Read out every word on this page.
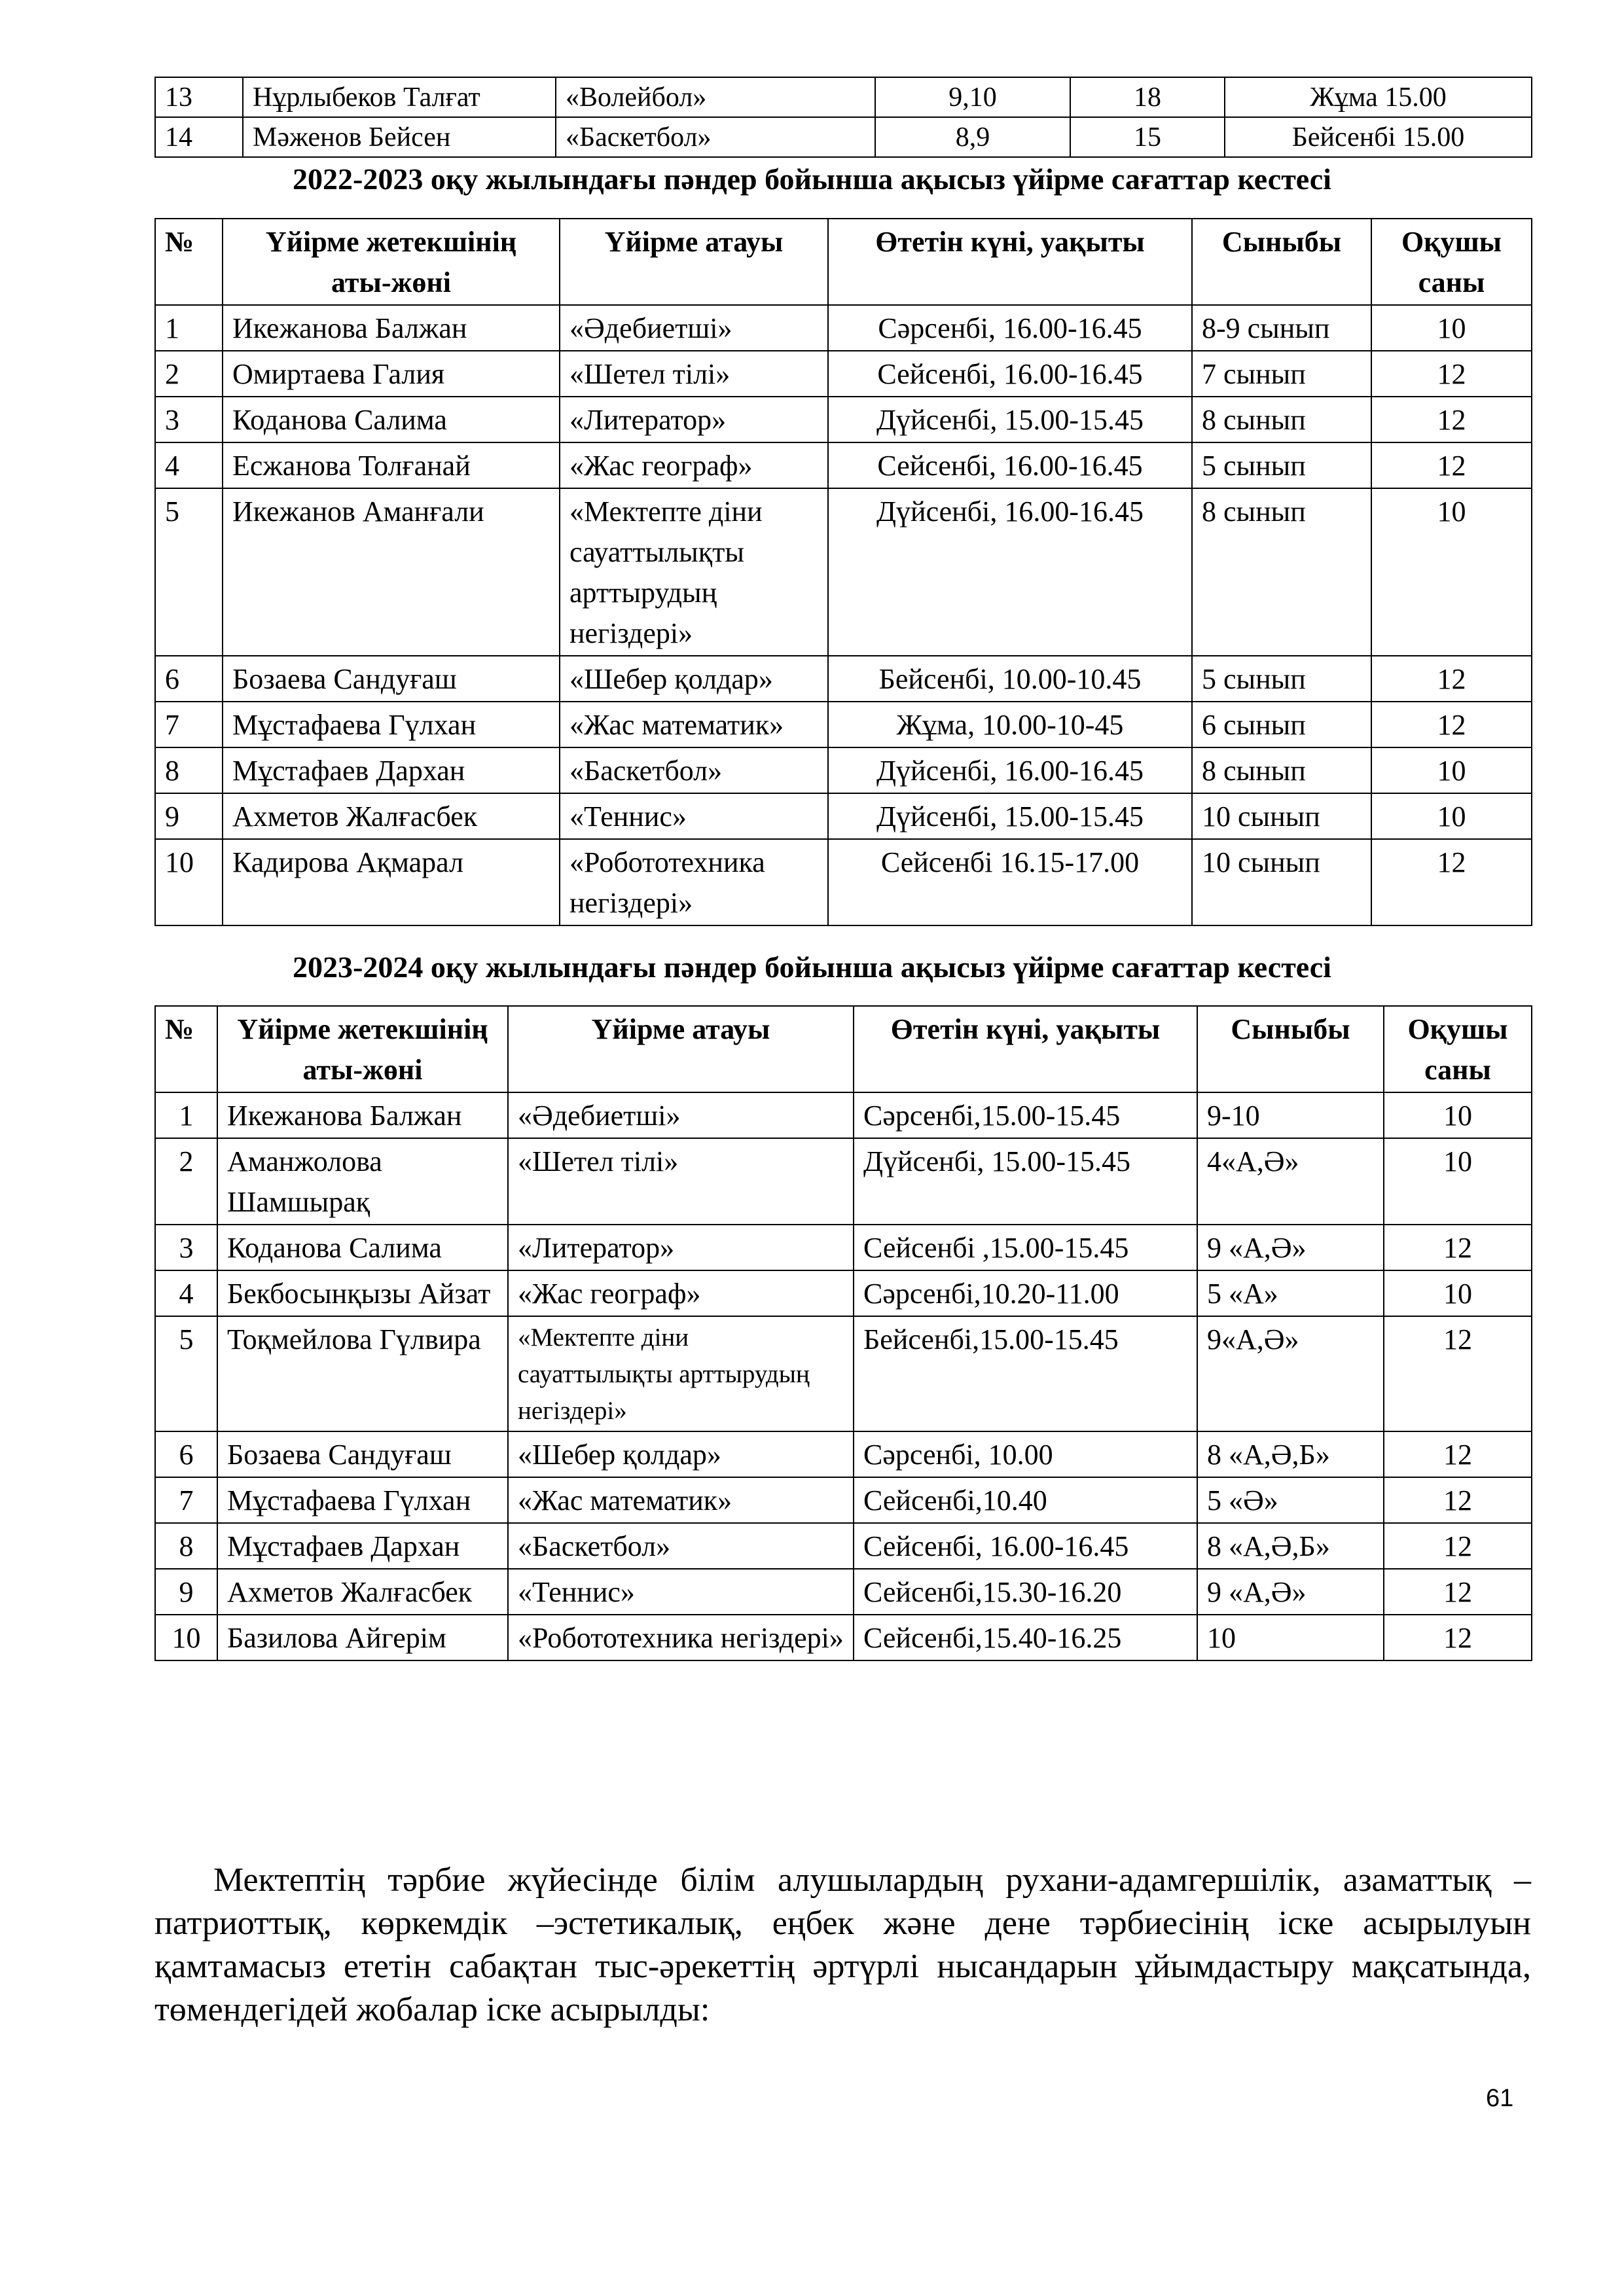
13	Нұрлыбеков Талғат	«Волейбол»	9,10	18	Жұма 15.00
14	Мәженов Бейсен	«Баскетбол»	8,9	15	Бейсенбі 15.00
2022-2023 оқу жылындағы пәндер бойынша ақысыз үйірме сағаттар кестесі
№	Үйірме жетекшінің аты-жөні	Үйірме атауы	Өтетін күні, уақыты	Сыныбы	Оқушы саны
1	Икежанова Балжан	«Әдебиетші»	Сәрсенбі, 16.00-16.45	8-9 сынып	10
2	Омиртаева Галия	«Шетел тілі»	Сейсенбі, 16.00-16.45	7 сынып	12
3	Коданова Салима	«Литератор»	Дүйсенбі, 15.00-15.45	8 сынып	12
4	Есжанова Толғанай	«Жас географ»	Сейсенбі, 16.00-16.45	5 сынып	12
5	Икежанов Аманғали	«Мектепте діни сауаттылықты арттырудың негіздері»	Дүйсенбі, 16.00-16.45	8 сынып	10
6	Бозаева Сандуғаш	«Шебер қолдар»	Бейсенбі, 10.00-10.45	5 сынып	12
7	Мұстафаева Гүлхан	«Жас математик»	Жұма, 10.00-10-45	6 сынып	12
8	Мұстафаев Дархан	«Баскетбол»	Дүйсенбі, 16.00-16.45	8 сынып	10
9	Ахметов Жалғасбек	«Теннис»	Дүйсенбі, 15.00-15.45	10 сынып	10
10	Кадирова Ақмарал	«Робототехника негіздері»	Сейсенбі 16.15-17.00	10 сынып	12
2023-2024 оқу жылындағы пәндер бойынша ақысыз үйірме сағаттар кестесі
№	Үйірме жетекшінің аты-жөні	Үйірме атауы	Өтетін күні, уақыты	Сыныбы	Оқушы саны
1	Икежанова Балжан	«Әдебиетші»	Сәрсенбі,15.00-15.45	9-10	10
2	Аманжолова Шамшырақ	«Шетел тілі»	Дүйсенбі, 15.00-15.45	4«А,Ә»	10
3	Коданова Салима	«Литератор»	Сейсенбі ,15.00-15.45	9 «А,Ә»	12
4	Бекбосынқызы Айзат	«Жас географ»	Сәрсенбі,10.20-11.00	5 «А»	10
5	Тоқмейлова Гүлвира	«Мектепте діни сауаттылықты арттырудың негіздері»	Бейсенбі,15.00-15.45	9«А,Ә»	12
6	Бозаева Сандуғаш	«Шебер қолдар»	Сәрсенбі, 10.00	8 «А,Ә,Б»	12
7	Мұстафаева Гүлхан	«Жас математик»	Сейсенбі,10.40	5 «Ә»	12
8	Мұстафаев Дархан	«Баскетбол»	Сейсенбі, 16.00-16.45	8 «А,Ә,Б»	12
9	Ахметов Жалғасбек	«Теннис»	Сейсенбі,15.30-16.20	9 «А,Ә»	12
10	Базилова Айгерім	«Робототехника негіздері»	Сейсенбі,15.40-16.25	10	12

Мектептің тәрбие жүйесінде білім алушылардың рухани-адамгершілік, азаматтық –патриоттық, көркемдік –эстетикалық, еңбек және дене тәрбиесінің іске асырылуын қамтамасыз ететін сабақтан тыс-әрекеттің әртүрлі нысандарын ұйымдастыру мақсатында, төмендегідей жобалар іске асырылды:

61
